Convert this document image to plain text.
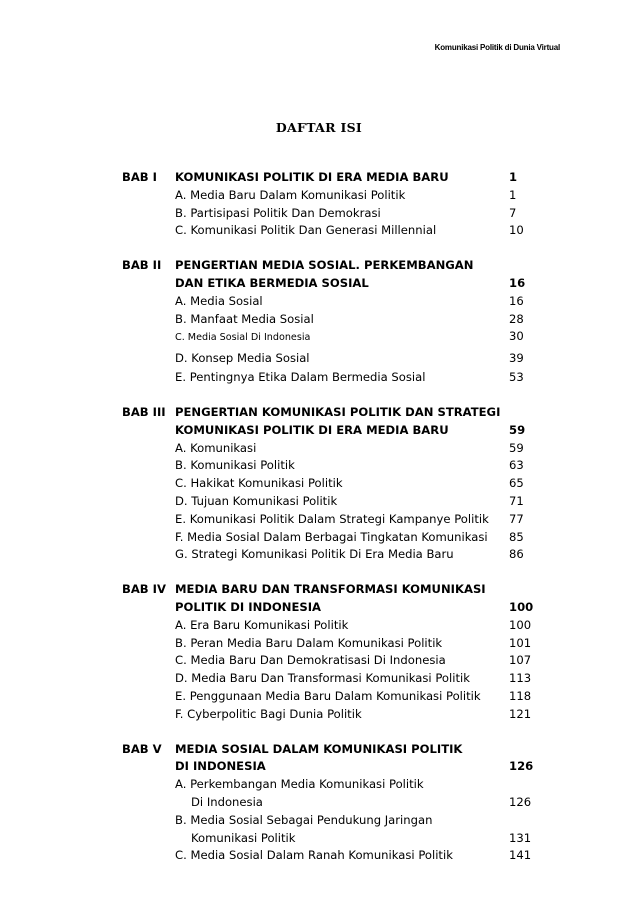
Komunikasi Politik di Dunia Virtual
DAFTAR ISI
BAB I	KOMUNIKASI POLITIK DI ERA MEDIA BARU	1
A. Media Baru Dalam Komunikasi Politik	1
B. Partisipasi Politik Dan Demokrasi	7
C. Komunikasi Politik Dan Generasi Millennial	10
BAB II	PENGERTIAN MEDIA SOSIAL. PERKEMBANGAN
DAN ETIKA BERMEDIA SOSIAL	16
A. Media Sosial	16
B. Manfaat Media Sosial	28
C. Media Sosial Di Indonesia	30
D. Konsep Media Sosial	39
E. Pentingnya Etika Dalam Bermedia Sosial	53
BAB III PENGERTIAN KOMUNIKASI POLITIK DAN STRATEGI
KOMUNIKASI POLITIK DI ERA MEDIA BARU	59
A. Komunikasi	59
B. Komunikasi Politik	63
C. Hakikat Komunikasi Politik	65
D. Tujuan Komunikasi Politik	71
E. Komunikasi Politik Dalam Strategi Kampanye Politik	77
F. Media Sosial Dalam Berbagai Tingkatan Komunikasi	85
G. Strategi Komunikasi Politik Di Era Media Baru	86
BAB IV MEDIA BARU DAN TRANSFORMASI KOMUNIKASI
POLITIK DI INDONESIA	100
A. Era Baru Komunikasi Politik	100
B. Peran Media Baru Dalam Komunikasi Politik	101
C. Media Baru Dan Demokratisasi Di Indonesia	107
D. Media Baru Dan Transformasi Komunikasi Politik	113
E. Penggunaan Media Baru Dalam Komunikasi Politik	118
F. Cyberpolitic Bagi Dunia Politik	121
BAB V	MEDIA SOSIAL DALAM KOMUNIKASI POLITIK
DI INDONESIA	126
A. Perkembangan Media Komunikasi Politik
Di Indonesia	126
B. Media Sosial Sebagai Pendukung Jaringan
Komunikasi Politik	131
C. Media Sosial Dalam Ranah Komunikasi Politik	141
